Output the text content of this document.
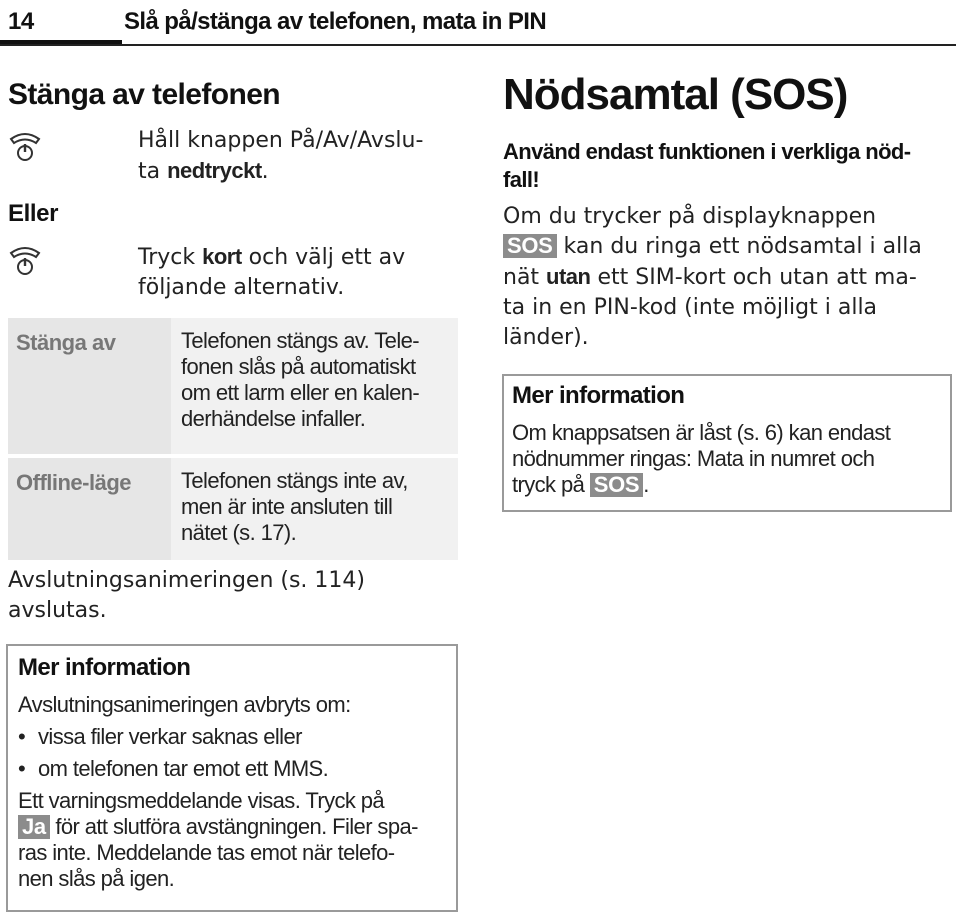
14	Slå på/stänga av telefonen, mata in PIN
Stänga av telefonen
Håll knappen På/Av/Avslu-
ta nedtryckt.
Eller
Tryck kort och välj ett av
följande alternativ.
Stänga av	Telefonen stängs av. Tele-
fonen slås på automatiskt
om ett larm eller en kalen-
derhändelse infaller.
Offline-läge	Telefonen stängs inte av,
men är inte ansluten till
nätet (s. 17).
Avslutningsanimeringen (s. 114)
avslutas.
Mer information
Avslutningsanimeringen avbryts om:
• vissa filer verkar saknas eller
• om telefonen tar emot ett MMS.
Ett varningsmeddelande visas. Tryck på
Ja för att slutföra avstängningen. Filer spa-
ras inte. Meddelande tas emot när telefo-
nen slås på igen.
Nödsamtal (SOS)
Använd endast funktionen i verkliga nöd-
fall!
Om du trycker på displayknappen
SOS kan du ringa ett nödsamtal i alla
nät utan ett SIM-kort och utan att ma-
ta in en PIN-kod (inte möjligt i alla
länder).
Mer information
Om knappsatsen är låst (s. 6) kan endast
nödnummer ringas: Mata in numret och
tryck på SOS .
